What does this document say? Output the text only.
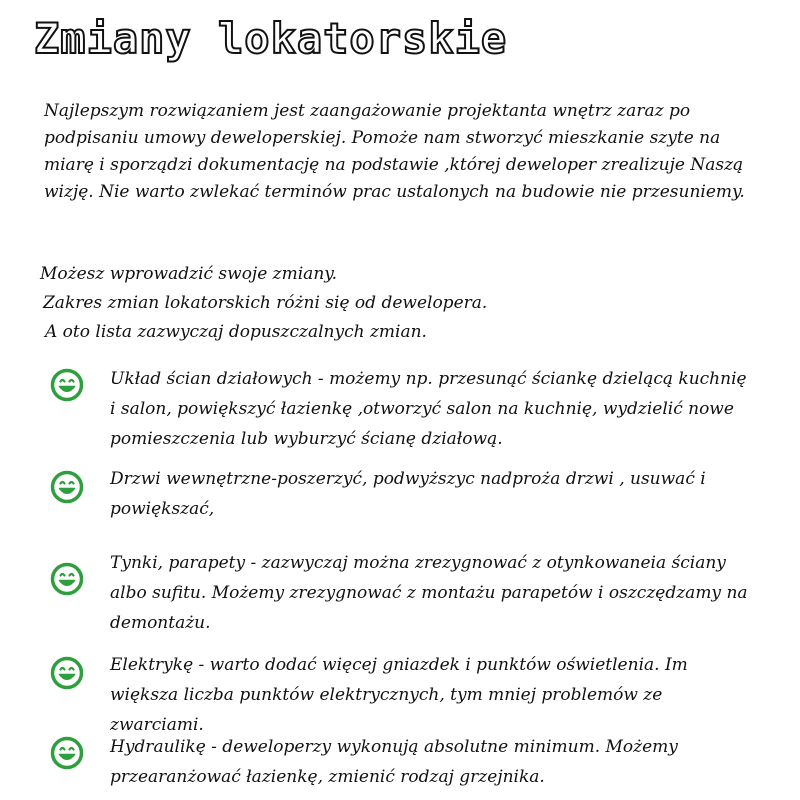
Zmiany lokatorskie

Najlepszym rozwiązaniem jest zaangażowanie projektanta wnętrz zaraz po podpisaniu umowy deweloperskiej. Pomoże nam stworzyć mieszkanie szyte na miarę i sporządzi dokumentację na podstawie ,której deweloper zrealizuje Naszą wizję. Nie warto zwlekać terminów prac ustalonych na budowie nie przesuniemy.

Możesz wprowadzić swoje zmiany.
Zakres zmian lokatorskich różni się od dewelopera.
A oto lista zazwyczaj dopuszczalnych zmian.

Układ ścian działowych - możemy np. przesunąć ściankę dzielącą kuchnię i salon, powiększyć łazienkę ,otworzyć salon na kuchnię, wydzielić nowe pomieszczenia lub wyburzyć ścianę działową.

Drzwi wewnętrzne-poszerzyć, podwyższyc nadproża drzwi , usuwać i powiększać,

Tynki, parapety - zazwyczaj można zrezygnować z otynkowaneia ściany albo sufitu. Możemy zrezygnować z montażu parapetów i oszczędzamy na demontażu.

Elektrykę - warto dodać więcej gniazdek i punktów oświetlenia. Im większa liczba punktów elektrycznych, tym mniej problemów ze zwarciami.

Hydraulikę - deweloperzy wykonują absolutne minimum. Możemy przearanżować łazienkę, zmienić rodzaj grzejnika.
